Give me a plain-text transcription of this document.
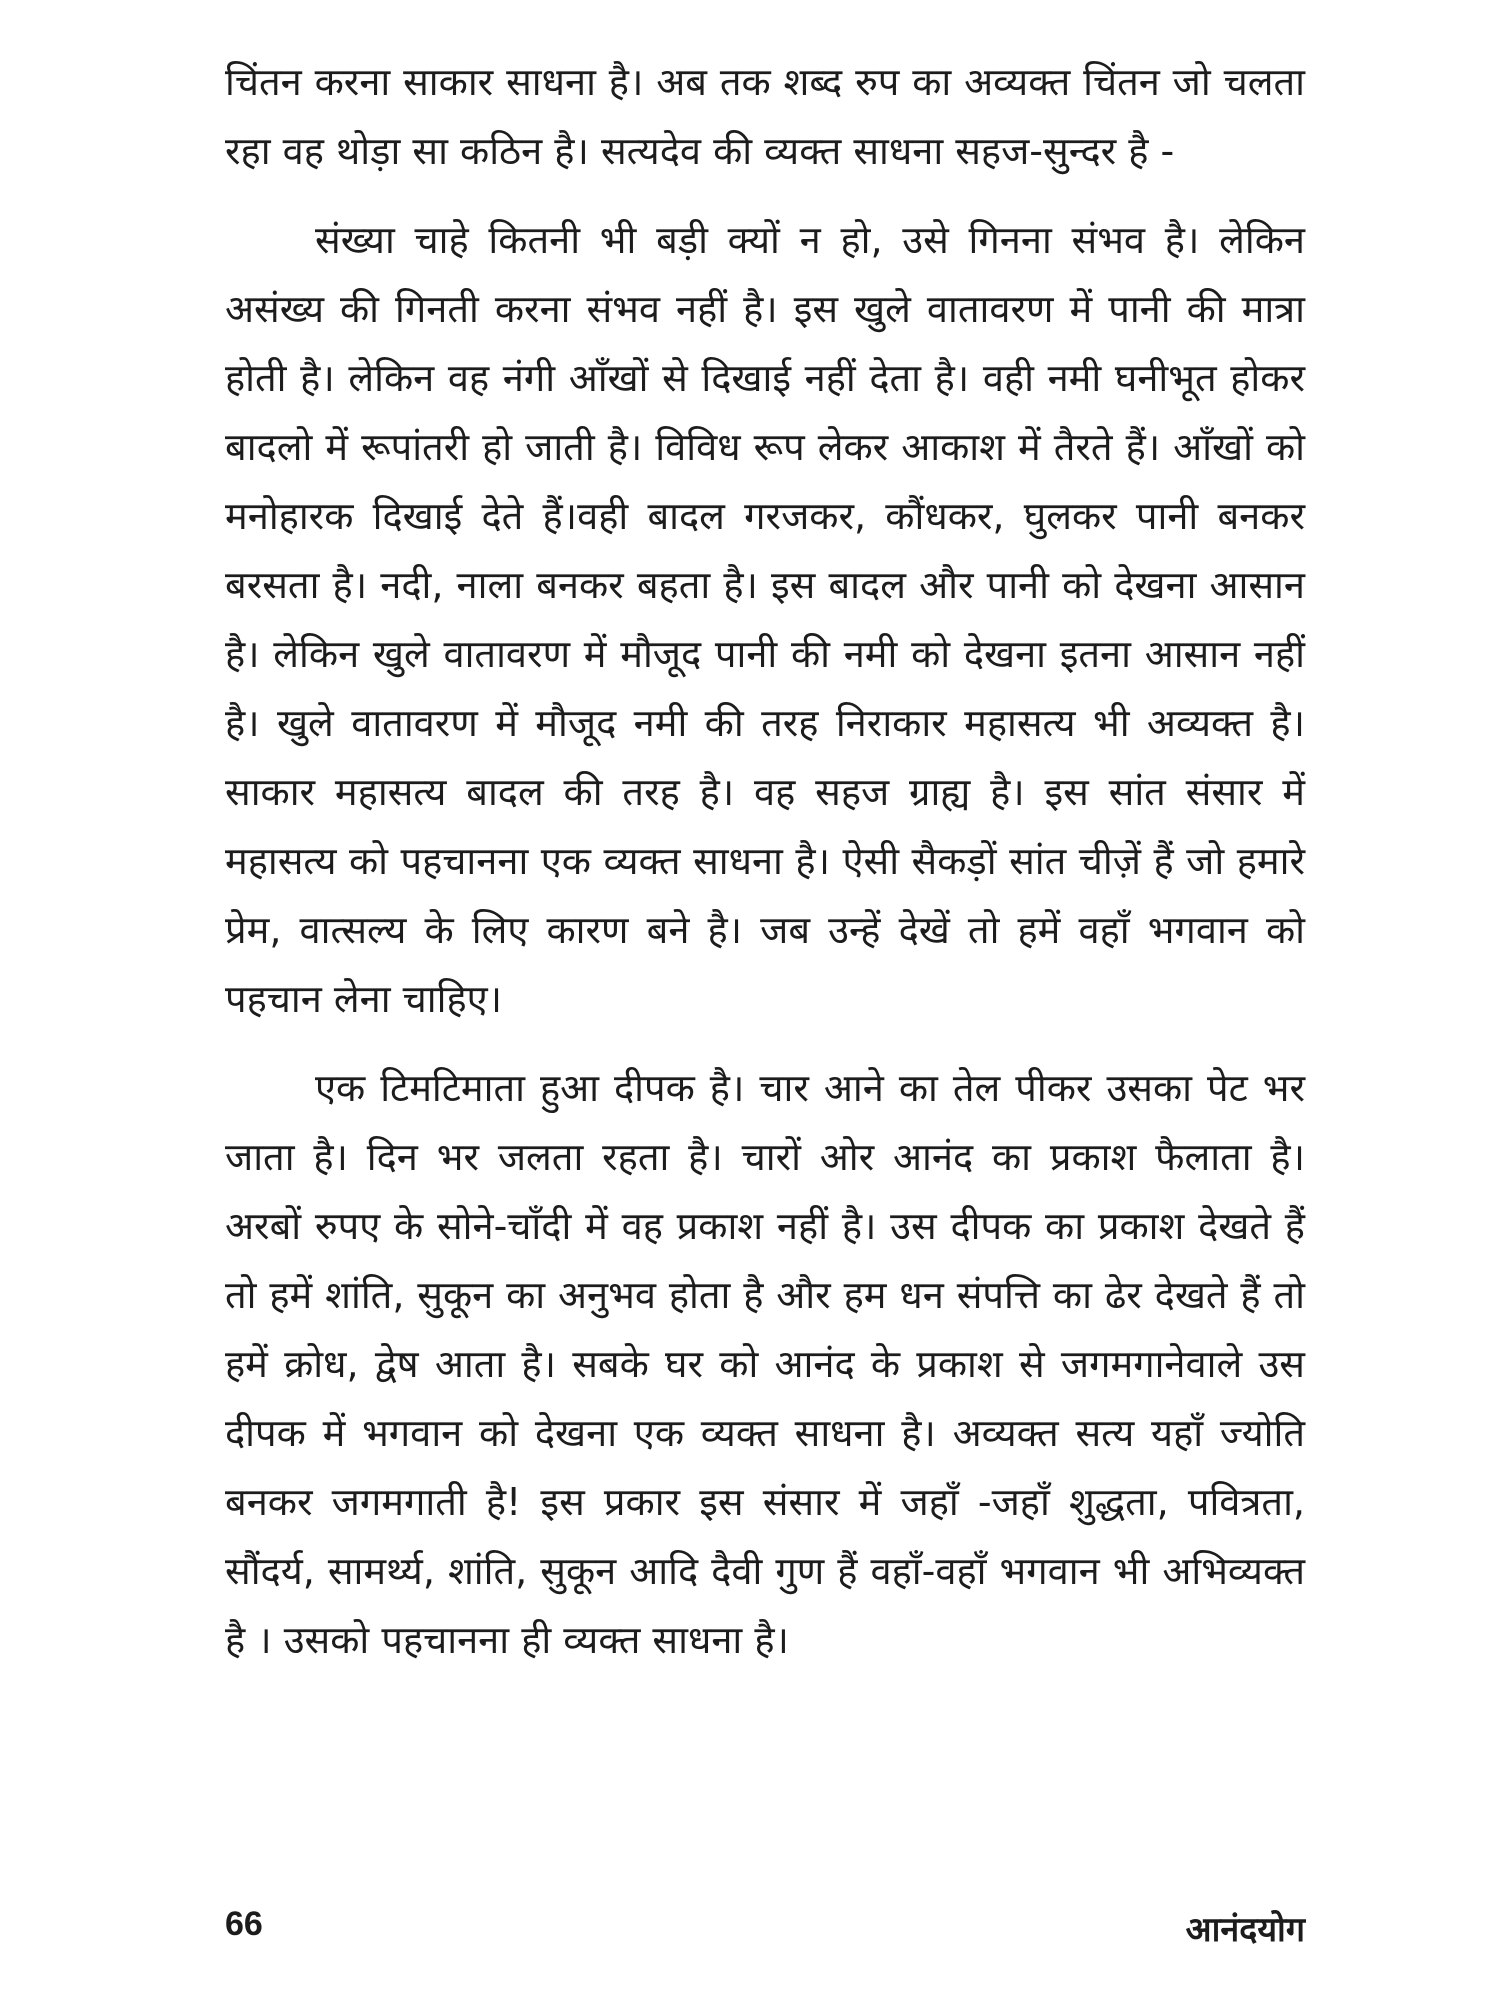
चिंतन करना साकार साधना है। अब तक शब्द रुप का अव्यक्त चिंतन जो चलता रहा वह थोड़ा सा कठिन है। सत्यदेव की व्यक्त साधना सहज-सुन्दर है -

संख्या चाहे कितनी भी बड़ी क्यों न हो, उसे गिनना संभव है। लेकिन असंख्य की गिनती करना संभव नहीं है। इस खुले वातावरण में पानी की मात्रा होती है। लेकिन वह नंगी आँखों से दिखाई नहीं देता है। वही नमी घनीभूत होकर बादलो में रूपांतरी हो जाती है। विविध रूप लेकर आकाश में तैरते हैं। आँखों को मनोहारक दिखाई देते हैं।वही बादल गरजकर, कौंधकर, घुलकर पानी बनकर बरसता है। नदी, नाला बनकर बहता है। इस बादल और पानी को देखना आसान है। लेकिन खुले वातावरण में मौजूद पानी की नमी को देखना इतना आसान नहीं है। खुले वातावरण में मौजूद नमी की तरह निराकार महासत्य भी अव्यक्त है। साकार महासत्य बादल की तरह है। वह सहज ग्राह्य है। इस सांत संसार में महासत्य को पहचानना एक व्यक्त साधना है। ऐसी सैकड़ों सांत चीज़ें हैं जो हमारे प्रेम, वात्सल्य के लिए कारण बने है। जब उन्हें देखें तो हमें वहाँ भगवान को पहचान लेना चाहिए।

एक टिमटिमाता हुआ दीपक है। चार आने का तेल पीकर उसका पेट भर जाता है। दिन भर जलता रहता है। चारों ओर आनंद का प्रकाश फैलाता है। अरबों रुपए के सोने-चाँदी में वह प्रकाश नहीं है। उस दीपक का प्रकाश देखते हैं तो हमें शांति, सुकून का अनुभव होता है और हम धन संपत्ति का ढेर देखते हैं तो हमें क्रोध, द्वेष आता है। सबके घर को आनंद के प्रकाश से जगमगानेवाले उस दीपक में भगवान को देखना एक व्यक्त साधना है। अव्यक्त सत्य यहाँ ज्योति बनकर जगमगाती है! इस प्रकार इस संसार में जहाँ -जहाँ शुद्धता, पवित्रता, सौंदर्य, सामर्थ्य, शांति, सुकून आदि दैवी गुण हैं वहाँ-वहाँ भगवान भी अभिव्यक्त है । उसको पहचानना ही व्यक्त साधना है।

66	आनंदयोग
